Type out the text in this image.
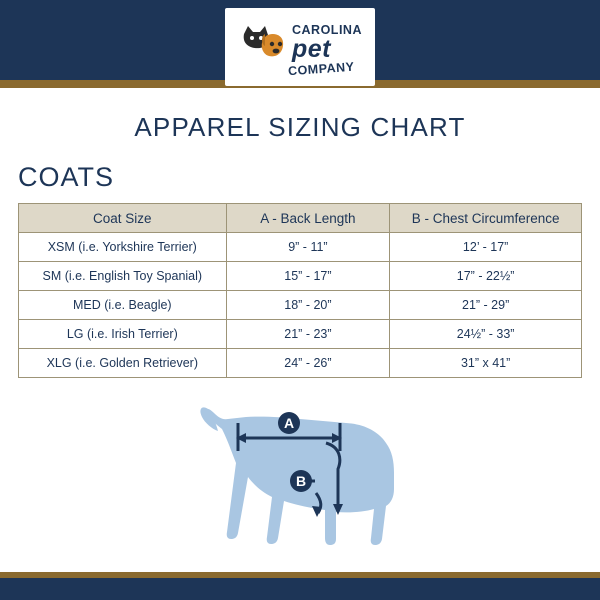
CAROLINA
pet
COMPANY
APPAREL SIZING CHART
COATS
Coat Size	A - Back Length	B - Chest Circumference
XSM (i.e. Yorkshire Terrier)	9” - 11”	12’ - 17”
SM (i.e. English Toy Spanial)	15” - 17”	17” - 22½”
MED (i.e. Beagle)	18” - 20”	21” - 29”
LG (i.e. Irish Terrier)	21” - 23”	24½” - 33”
XLG (i.e. Golden Retriever)	24” - 26”	31” x 41”
A
B
